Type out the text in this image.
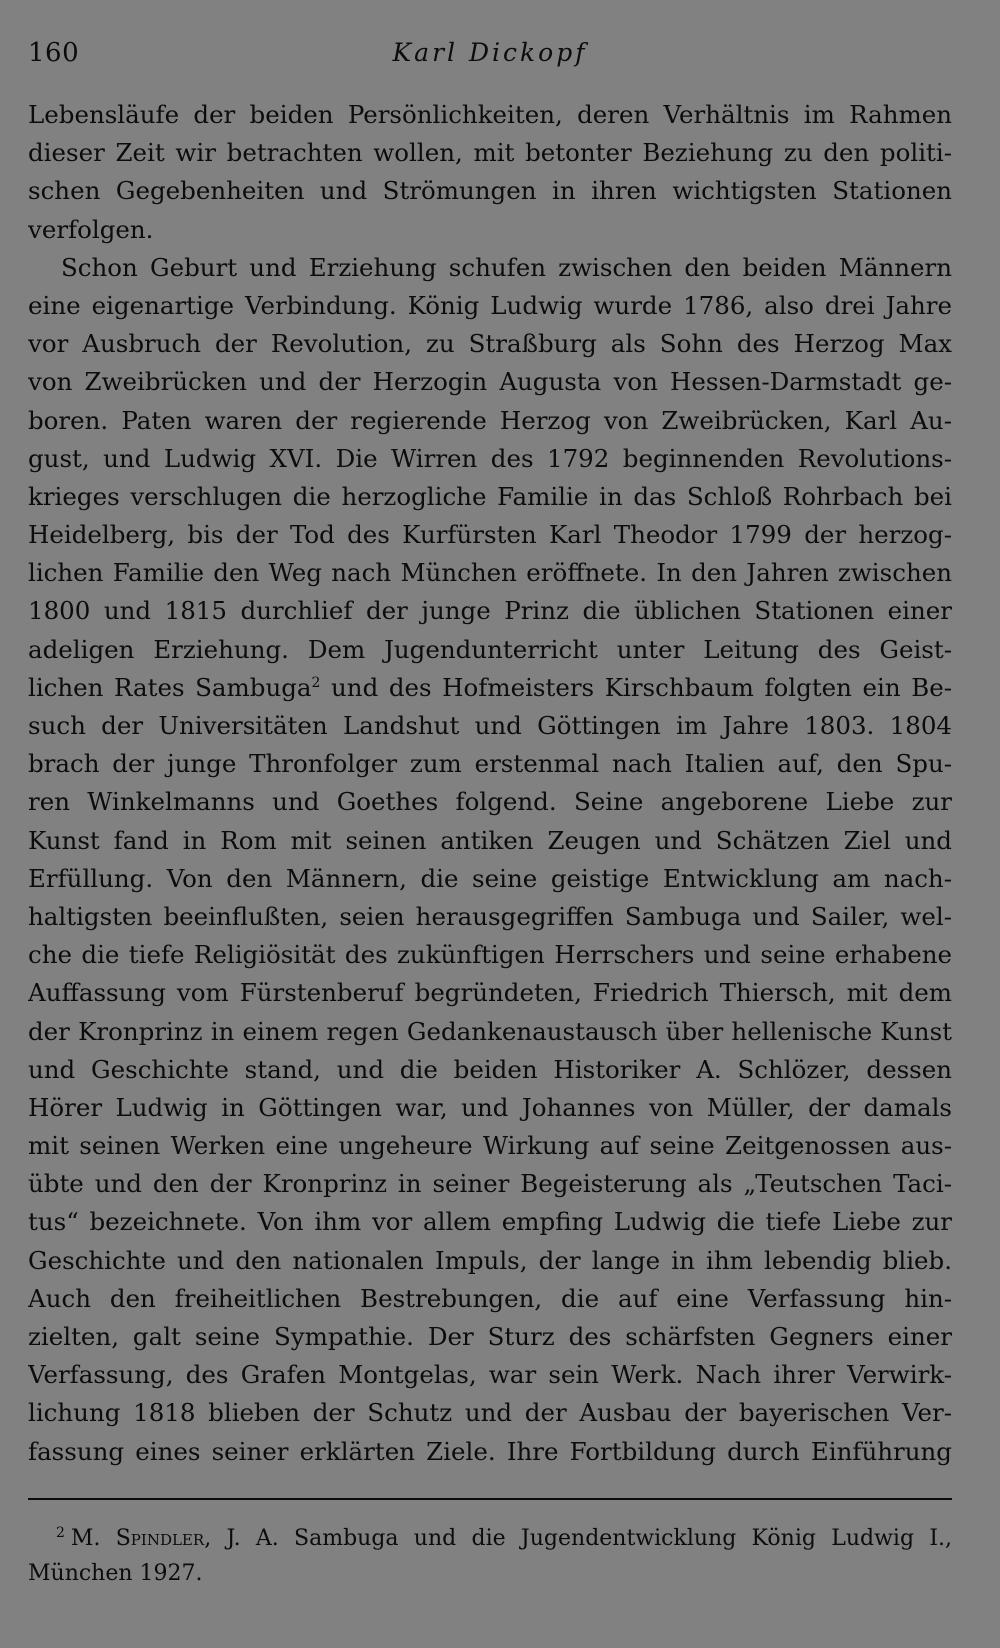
160	Karl Dickopf
Lebensläufe der beiden Persönlichkeiten, deren Verhältnis im Rahmen
dieser Zeit wir betrachten wollen, mit betonter Beziehung zu den politi-
schen Gegebenheiten und Strömungen in ihren wichtigsten Stationen
verfolgen.
Schon Geburt und Erziehung schufen zwischen den beiden Männern
eine eigenartige Verbindung. König Ludwig wurde 1786, also drei Jahre
vor Ausbruch der Revolution, zu Straßburg als Sohn des Herzog Max
von Zweibrücken und der Herzogin Augusta von Hessen-Darmstadt ge-
boren. Paten waren der regierende Herzog von Zweibrücken, Karl Au-
gust, und Ludwig XVI. Die Wirren des 1792 beginnenden Revolutions-
krieges verschlugen die herzogliche Familie in das Schloß Rohrbach bei
Heidelberg, bis der Tod des Kurfürsten Karl Theodor 1799 der herzog-
lichen Familie den Weg nach München eröffnete. In den Jahren zwischen
1800 und 1815 durchlief der junge Prinz die üblichen Stationen einer
adeligen Erziehung. Dem Jugendunterricht unter Leitung des Geist-
lichen Rates Sambuga$^2$ und des Hofmeisters Kirschbaum folgten ein Be-
such der Universitäten Landshut und Göttingen im Jahre 1803. 1804
brach der junge Thronfolger zum erstenmal nach Italien auf, den Spu-
ren Winkelmanns und Goethes folgend. Seine angeborene Liebe zur
Kunst fand in Rom mit seinen antiken Zeugen und Schätzen Ziel und
Erfüllung. Von den Männern, die seine geistige Entwicklung am nach-
haltigsten beeinflußten, seien herausgegriffen Sambuga und Sailer, wel-
che die tiefe Religiösität des zukünftigen Herrschers und seine erhabene
Auffassung vom Fürstenberuf begründeten, Friedrich Thiersch, mit dem
der Kronprinz in einem regen Gedankenaustausch über hellenische Kunst
und Geschichte stand, und die beiden Historiker A. Schlözer, dessen
Hörer Ludwig in Göttingen war, und Johannes von Müller, der damals
mit seinen Werken eine ungeheure Wirkung auf seine Zeitgenossen aus-
übte und den der Kronprinz in seiner Begeisterung als „Teutschen Taci-
tus“ bezeichnete. Von ihm vor allem empfing Ludwig die tiefe Liebe zur
Geschichte und den nationalen Impuls, der lange in ihm lebendig blieb.
Auch den freiheitlichen Bestrebungen, die auf eine Verfassung hin-
zielten, galt seine Sympathie. Der Sturz des schärfsten Gegners einer
Verfassung, des Grafen Montgelas, war sein Werk. Nach ihrer Verwirk-
lichung 1818 blieben der Schutz und der Ausbau der bayerischen Ver-
fassung eines seiner erklärten Ziele. Ihre Fortbildung durch Einführung
$^2$ M. Spindler, J. A. Sambuga und die Jugendentwicklung König Ludwig I.,
München 1927.
